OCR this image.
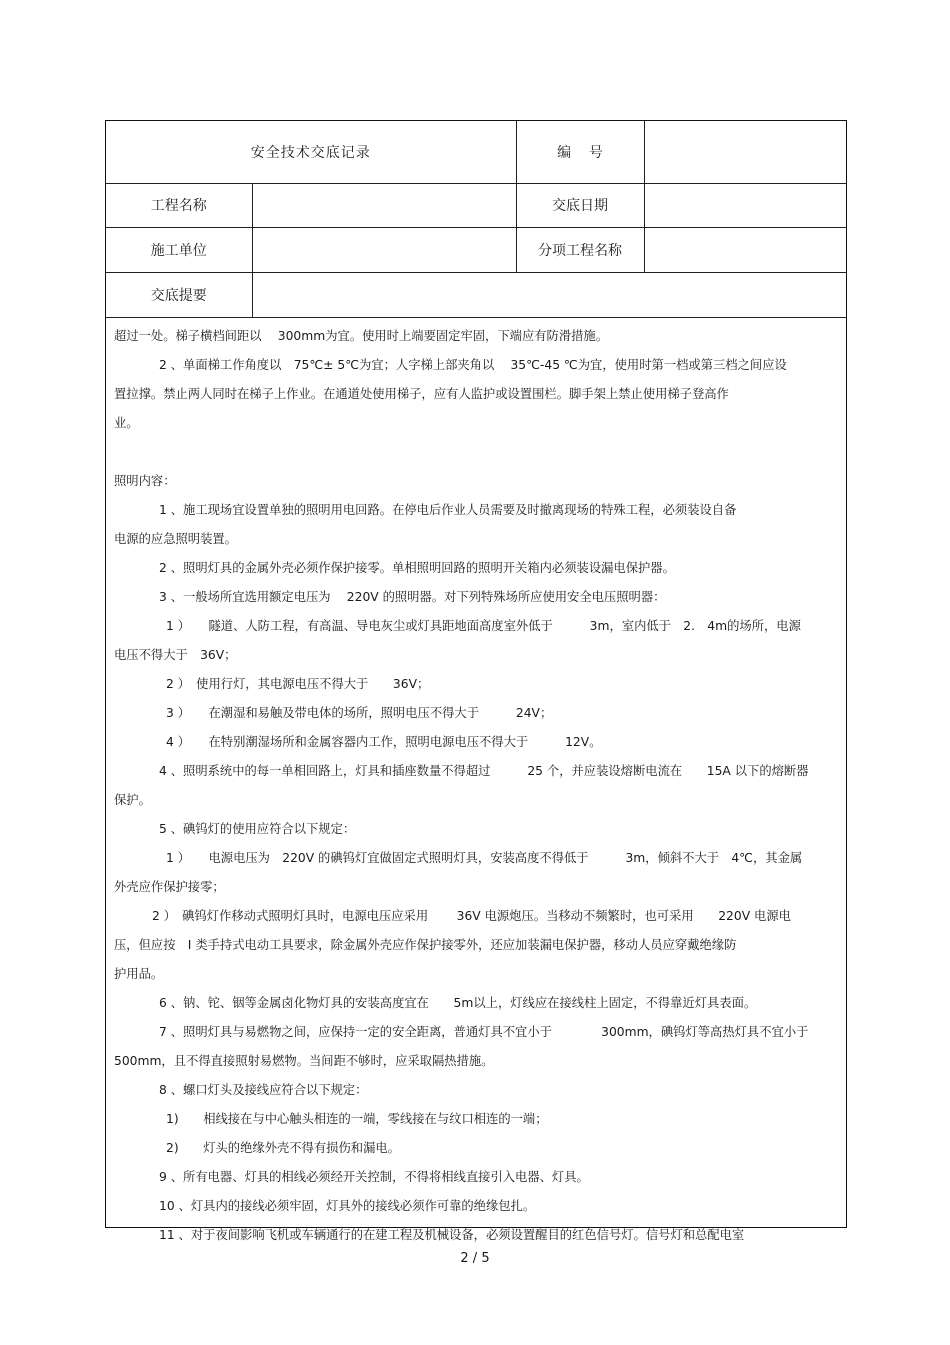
安全技术交底记录		编    号	
工程名称		交底日期	
施工单位		分项工程名称	
交底提要			

超过一处。梯子横档间距以　 300mm为宜。使用时上端要固定牢固，下端应有防滑措施。

2 、单面梯工作角度以　75℃± 5℃为宜；人字梯上部夹角以　 35℃-45 ℃为宜，使用时第一档或第三档之间应设

置拉撑。禁止两人同时在梯子上作业。在通道处使用梯子，应有人监护或设置围栏。脚手架上禁止使用梯子登高作

业。

照明内容：

1 、施工现场宜设置单独的照明用电回路。在停电后作业人员需要及时撤离现场的特殊工程，必须装设自备

电源的应急照明装置。

2 、照明灯具的金属外壳必须作保护接零。单相照明回路的照明开关箱内必须装设漏电保护器。

3 、一般场所宜选用额定电压为　 220V 的照明器。对下列特殊场所应使用安全电压照明器：

1 ）　　隧道、人防工程，有高温、导电灰尘或灯具距地面高度室外低于　　　3m，室内低于　2.　4m的场所，电源

电压不得大于　36V；

2 ）　使用行灯，其电源电压不得大于　　36V；

3 ）　　在潮湿和易触及带电体的场所，照明电压不得大于　　　24V；

4 ）　　在特别潮湿场所和金属容器内工作，照明电源电压不得大于　　　12V。

4 、照明系统中的每一单相回路上，灯具和插座数量不得超过　　　25 个，并应装设熔断电流在　　15A 以下的熔断器

保护。

5 、碘钨灯的使用应符合以下规定：

1 ）　　电源电压为　220V 的碘钨灯宜做固定式照明灯具，安装高度不得低于　　　3m，倾斜不大于　4℃，其金属

外壳应作保护接零；

2 ）　碘钨灯作移动式照明灯具时，电源电压应采用　　 36V 电源炮压。当移动不频繁时，也可采用　　220V 电源电

压，但应按　Ⅰ 类手持式电动工具要求，除金属外壳应作保护接零外，还应加装漏电保护器，移动人员应穿戴绝缘防

护用品。

6 、钠、铊、铟等金属卤化物灯具的安装高度宜在　　5m以上，灯线应在接线柱上固定，不得靠近灯具表面。

7 、照明灯具与易燃物之间，应保持一定的安全距离，普通灯具不宜小于　　　　300mm，碘钨灯等高热灯具不宜小于

500mm，且不得直接照射易燃物。当间距不够时，应采取隔热措施。

8 、螺口灯头及接线应符合以下规定：

1)　　相线接在与中心触头相连的一端，零线接在与纹口相连的一端；

2)　　灯头的绝缘外壳不得有损伤和漏电。

9 、所有电器、灯具的相线必须经开关控制，不得将相线直接引入电器、灯具。

10 、灯具内的接线必须牢固，灯具外的接线必须作可靠的绝缘包扎。

11 、对于夜间影响飞机或车辆通行的在建工程及机械设备，必须设置醒目的红色信号灯。信号灯和总配电室

2 / 5
